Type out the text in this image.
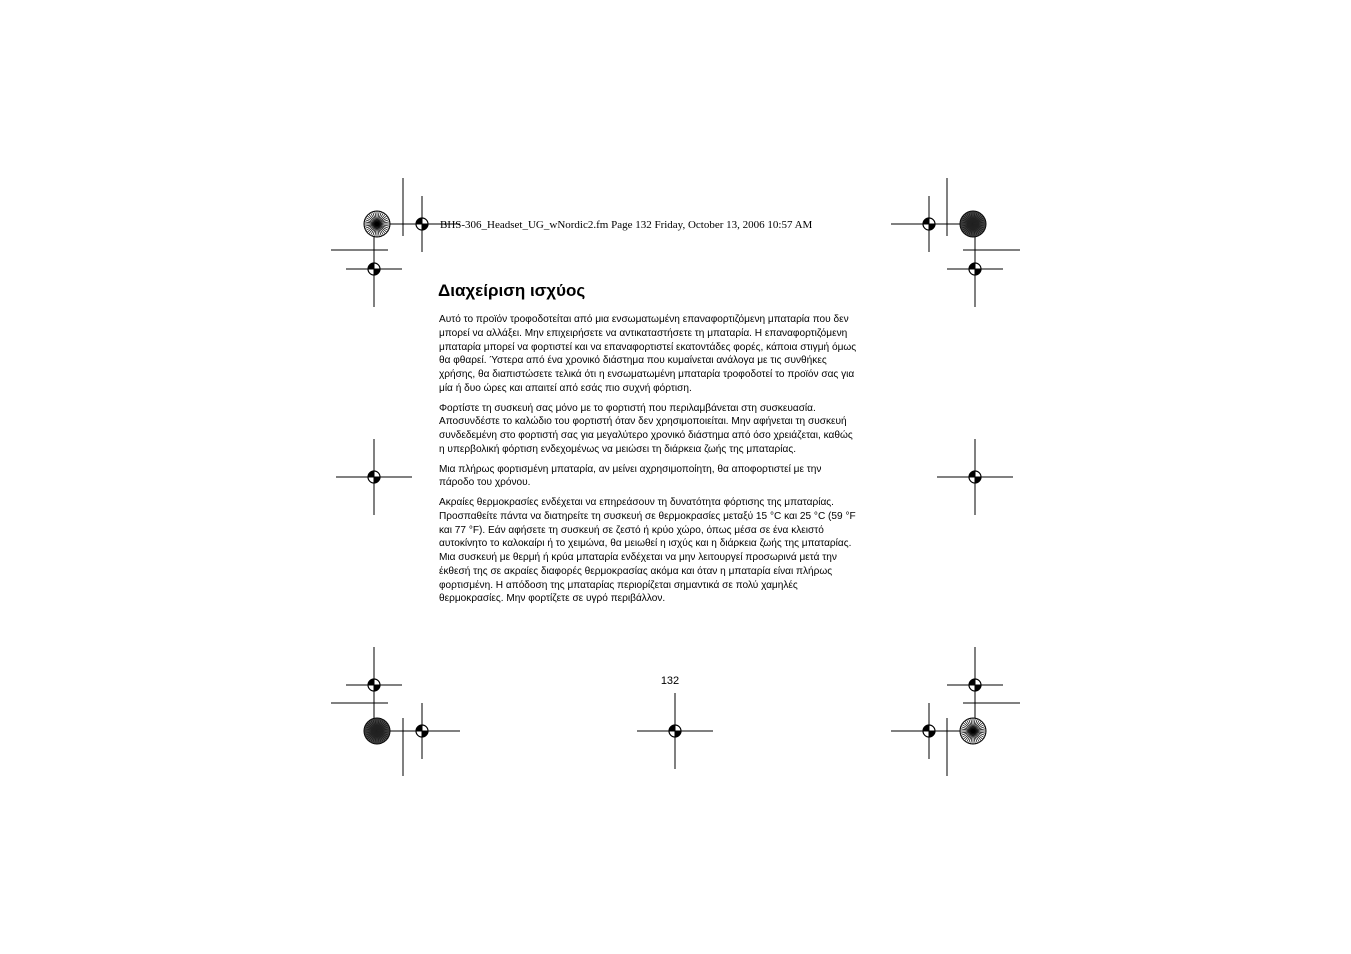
BHS-306_Headset_UG_wNordic2.fm Page 132 Friday, October 13, 2006 10:57 AM
Διαχείριση ισχύος

Αυτό το προϊόν τροφοδοτείται από μια ενσωματωμένη επαναφορτιζόμενη μπαταρία που δεν
μπορεί να αλλάξει. Μην επιχειρήσετε να αντικαταστήσετε τη μπαταρία. Η επαναφορτιζόμενη
μπαταρία μπορεί να φορτιστεί και να επαναφορτιστεί εκατοντάδες φορές, κάποια στιγμή όμως
θα φθαρεί. Ύστερα από ένα χρονικό διάστημα που κυμαίνεται ανάλογα με τις συνθήκες
χρήσης, θα διαπιστώσετε τελικά ότι η ενσωματωμένη μπαταρία τροφοδοτεί το προϊόν σας για
μία ή δυο ώρες και απαιτεί από εσάς πιο συχνή φόρτιση.

Φορτίστε τη συσκευή σας μόνο με το φορτιστή που περιλαμβάνεται στη συσκευασία.
Αποσυνδέστε το καλώδιο του φορτιστή όταν δεν χρησιμοποιείται. Μην αφήνεται τη συσκευή
συνδεδεμένη στο φορτιστή σας για μεγαλύτερο χρονικό διάστημα από όσο χρειάζεται, καθώς
η υπερβολική φόρτιση ενδεχομένως να μειώσει τη διάρκεια ζωής της μπαταρίας.

Μια πλήρως φορτισμένη μπαταρία, αν μείνει αχρησιμοποίητη, θα αποφορτιστεί με την
πάροδο του χρόνου.

Ακραίες θερμοκρασίες ενδέχεται να επηρεάσουν τη δυνατότητα φόρτισης της μπαταρίας.
Προσπαθείτε πάντα να διατηρείτε τη συσκευή σε θερμοκρασίες μεταξύ 15 °C και 25 °C (59 °F
και 77 °F). Εάν αφήσετε τη συσκευή σε ζεστό ή κρύο χώρο, όπως μέσα σε ένα κλειστό
αυτοκίνητο το καλοκαίρι ή το χειμώνα, θα μειωθεί η ισχύς και η διάρκεια ζωής της μπαταρίας.
Μια συσκευή με θερμή ή κρύα μπαταρία ενδέχεται να μην λειτουργεί προσωρινά μετά την
έκθεσή της σε ακραίες διαφορές θερμοκρασίας ακόμα και όταν η μπαταρία είναι πλήρως
φορτισμένη. Η απόδοση της μπαταρίας περιορίζεται σημαντικά σε πολύ χαμηλές
θερμοκρασίες. Μην φορτίζετε σε υγρό περιβάλλον.

132
